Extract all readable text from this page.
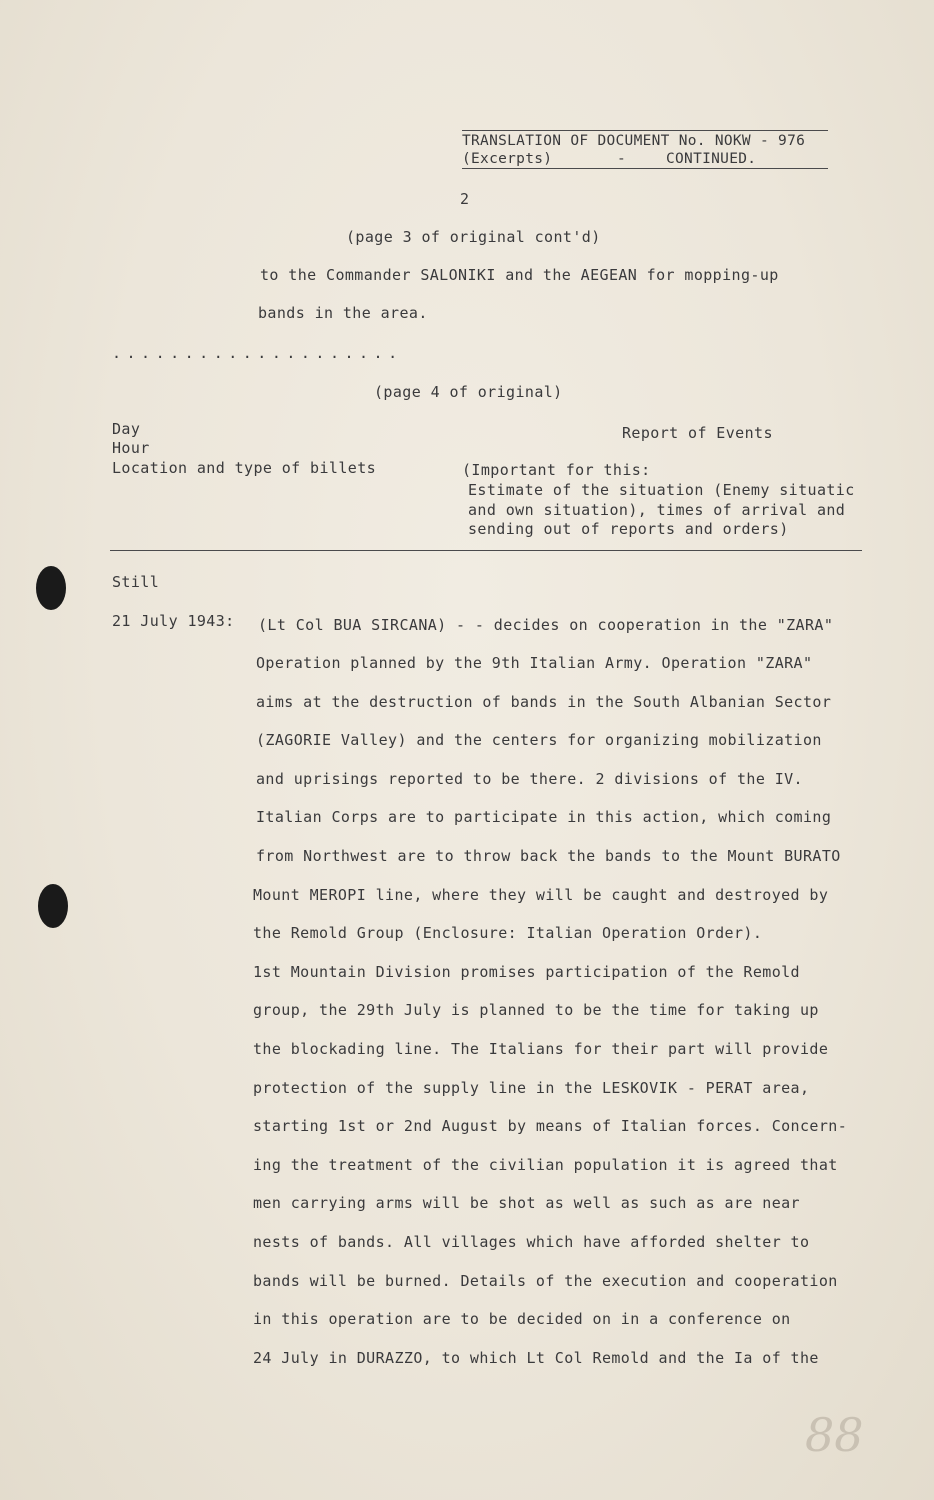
TRANSLATION OF DOCUMENT No. NOKW - 976
(Excerpts)	-	CONTINUED.
2
(page 3 of original cont'd)
to the Commander SALONIKI and the AEGEAN for mopping-up
bands in the area.
....................
(page 4 of original)
Day
Hour
Location and type of billets
Report of Events
(Important for this:
Estimate of the situation (Enemy situatic
and own situation), times of arrival and
sending out of reports and orders)
Still
21 July 1943: (Lt Col BUA SIRCANA) - - decides on cooperation in the "ZARA"
Operation planned by the 9th Italian Army. Operation "ZARA"
aims at the destruction of bands in the South Albanian Sector
(ZAGORIE Valley) and the centers for organizing mobilization
and uprisings reported to be there. 2 divisions of the IV.
Italian Corps are to participate in this action, which coming
from Northwest are to throw back the bands to the Mount BURATO
Mount MEROPI line, where they will be caught and destroyed by
the Remold Group (Enclosure: Italian Operation Order).
1st Mountain Division promises participation of the Remold
group, the 29th July is planned to be the time for taking up
the blockading line. The Italians for their part will provide
protection of the supply line in the LESKOVIK - PERAT area,
starting 1st or 2nd August by means of Italian forces. Concern-
ing the treatment of the civilian population it is agreed that
men carrying arms will be shot as well as such as are near
nests of bands. All villages which have afforded shelter to
bands will be burned. Details of the execution and cooperation
in this operation are to be decided on in a conference on
24 July in DURAZZO, to which Lt Col Remold and the Ia of the
88
